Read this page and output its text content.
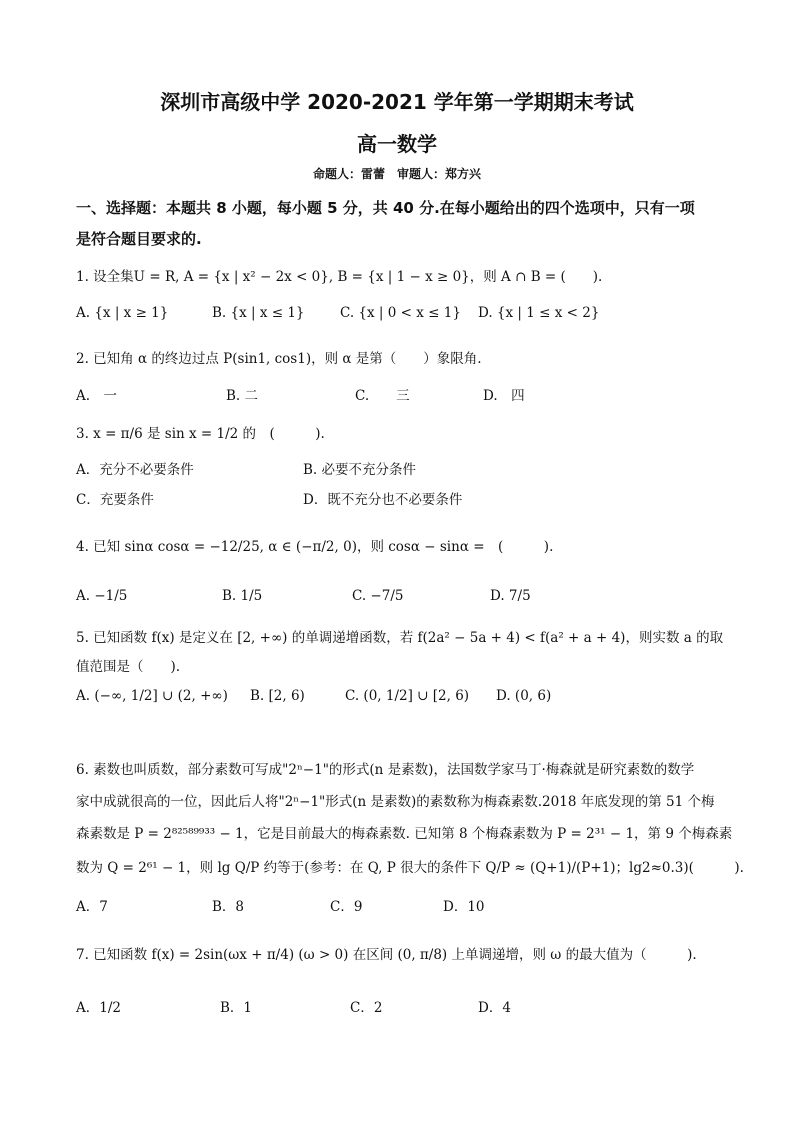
深圳市高级中学 2020-2021 学年第一学期期末考试
高一数学
命题人：雷蕾　审题人：郑方兴
一、选择题：本题共 8 小题，每小题 5 分，共 40 分.在每小题给出的四个选项中，只有一项
是符合题目要求的.
1. 设全集U = R, A = {x | x² − 2x < 0}, B = {x | 1 − x ≥ 0}，则 A ∩ B = (　　).
A. {x | x ≥ 1}	B. {x | x ≤ 1}	C. {x | 0 < x ≤ 1} D. {x | 1 ≤ x < 2}
2. 已知角 α 的终边过点 P(sin1, cos1)，则 α 是第（　　）象限角.
A.　一	B. 二	C.　　三	D.　四
3. x = π/6 是 sin x = 1/2 的　(　　　).
A．充分不必要条件	B. 必要不充分条件
C．充要条件	D．既不充分也不必要条件
4. 已知 sinα cosα = −12/25, α ∈ (−π/2, 0)，则 cosα − sinα =　(　　　).
A. −1/5	B. 1/5	C. −7/5	D. 7/5
5. 已知函数 f(x) 是定义在 [2, +∞) 的单调递增函数，若 f(2a² − 5a + 4) < f(a² + a + 4)，则实数 a 的取
值范围是（　　).
A. (−∞, 1/2] ∪ (2, +∞) B. [2, 6)	C. (0, 1/2] ∪ [2, 6) D. (0, 6)
6. 素数也叫质数，部分素数可写成"2ⁿ−1"的形式(n 是素数)，法国数学家马丁·梅森就是研究素数的数学
家中成就很高的一位，因此后人将"2ⁿ−1"形式(n 是素数)的素数称为梅森素数.2018 年底发现的第 51 个梅
森素数是 P = 2⁸²⁵⁸⁹⁹³³ − 1，它是目前最大的梅森素数. 已知第 8 个梅森素数为 P = 2³¹ − 1，第 9 个梅森素
数为 Q = 2⁶¹ − 1，则 lg Q/P 约等于(参考：在 Q, P 很大的条件下 Q/P ≈ (Q+1)/(P+1)；lg2≈0.3)(　　　).
A．7	B．8	C．9	D．10
7. 已知函数 f(x) = 2sin(ωx + π/4) (ω > 0) 在区间 (0, π/8) 上单调递增，则 ω 的最大值为（　　　).
A．1/2	B．1	C．2	D．4
